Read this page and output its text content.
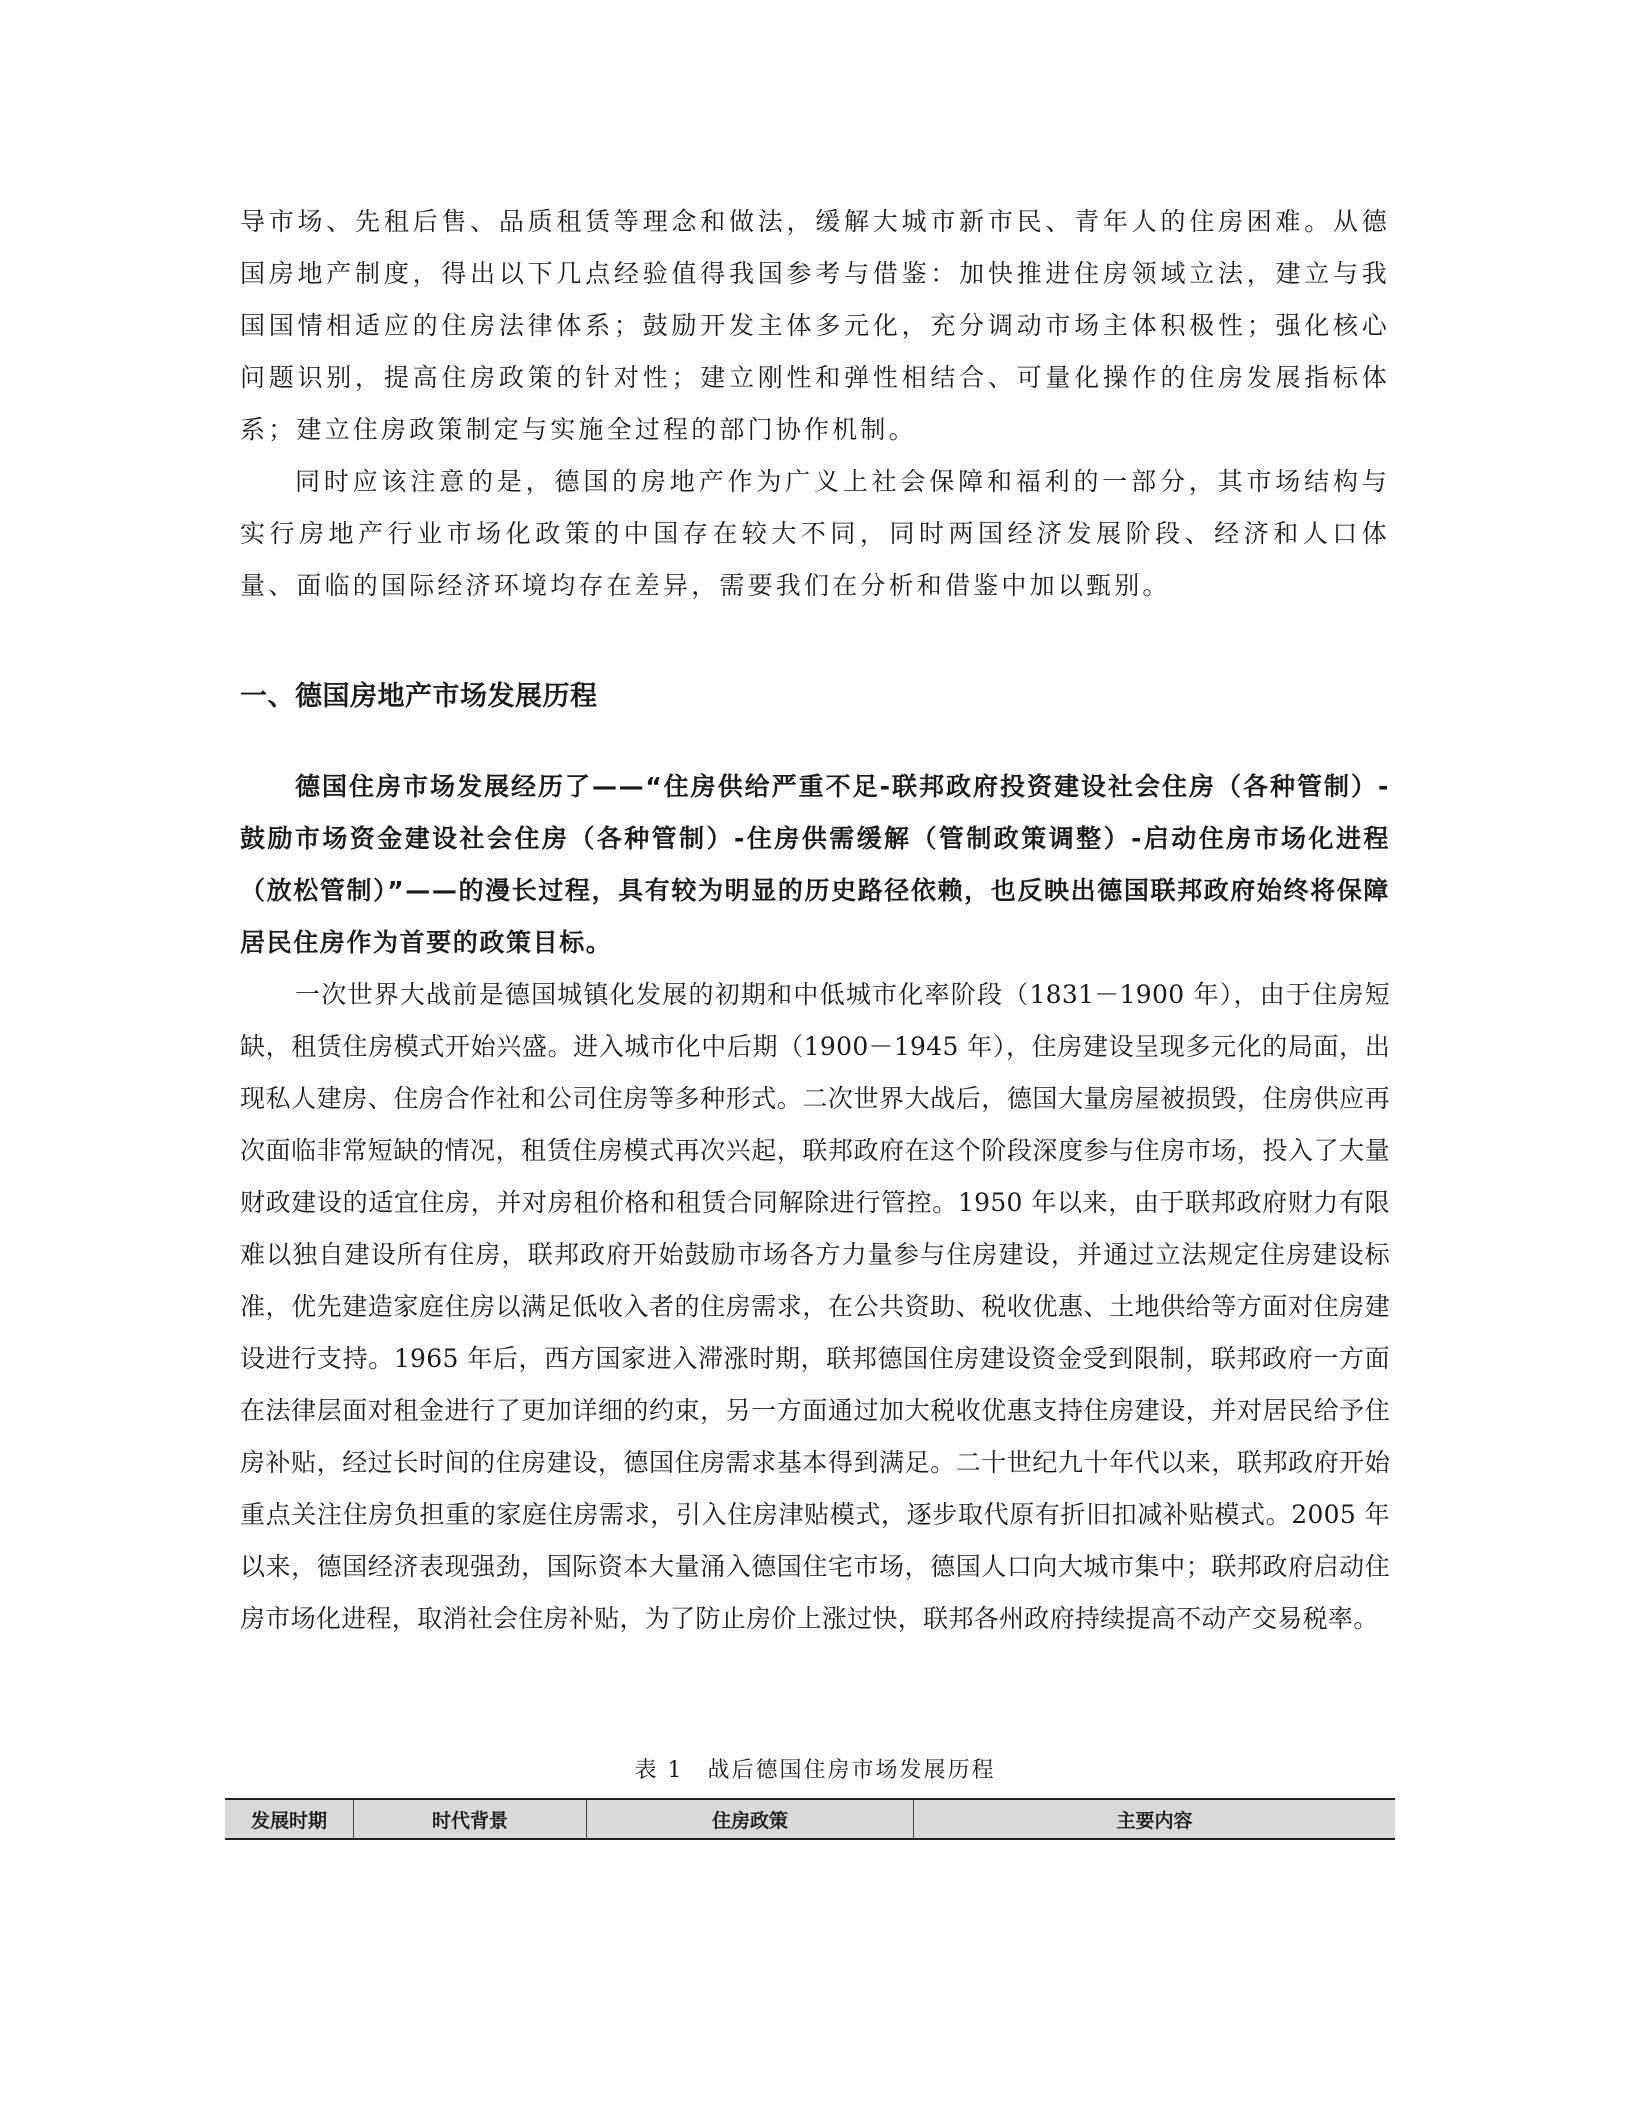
导市场、先租后售、品质租赁等理念和做法，缓解大城市新市民、青年人的住房困难。从德国房地产制度，得出以下几点经验值得我国参考与借鉴：加快推进住房领域立法，建立与我国国情相适应的住房法律体系；鼓励开发主体多元化，充分调动市场主体积极性；强化核心问题识别，提高住房政策的针对性；建立刚性和弹性相结合、可量化操作的住房发展指标体系；建立住房政策制定与实施全过程的部门协作机制。

同时应该注意的是，德国的房地产作为广义上社会保障和福利的一部分，其市场结构与实行房地产行业市场化政策的中国存在较大不同，同时两国经济发展阶段、经济和人口体量、面临的国际经济环境均存在差异，需要我们在分析和借鉴中加以甄别。

一、德国房地产市场发展历程

德国住房市场发展经历了——“住房供给严重不足-联邦政府投资建设社会住房（各种管制）-鼓励市场资金建设社会住房（各种管制）-住房供需缓解（管制政策调整）-启动住房市场化进程（放松管制）”——的漫长过程，具有较为明显的历史路径依赖，也反映出德国联邦政府始终将保障居民住房作为首要的政策目标。

一次世界大战前是德国城镇化发展的初期和中低城市化率阶段（1831－1900 年），由于住房短缺，租赁住房模式开始兴盛。进入城市化中后期（1900－1945 年），住房建设呈现多元化的局面，出现私人建房、住房合作社和公司住房等多种形式。二次世界大战后，德国大量房屋被损毁，住房供应再次面临非常短缺的情况，租赁住房模式再次兴起，联邦政府在这个阶段深度参与住房市场，投入了大量财政建设的适宜住房，并对房租价格和租赁合同解除进行管控。1950 年以来，由于联邦政府财力有限难以独自建设所有住房，联邦政府开始鼓励市场各方力量参与住房建设，并通过立法规定住房建设标准，优先建造家庭住房以满足低收入者的住房需求，在公共资助、税收优惠、土地供给等方面对住房建设进行支持。1965 年后，西方国家进入滞涨时期，联邦德国住房建设资金受到限制，联邦政府一方面在法律层面对租金进行了更加详细的约束，另一方面通过加大税收优惠支持住房建设，并对居民给予住房补贴，经过长时间的住房建设，德国住房需求基本得到满足。二十世纪九十年代以来，联邦政府开始重点关注住房负担重的家庭住房需求，引入住房津贴模式，逐步取代原有折旧扣减补贴模式。2005 年以来，德国经济表现强劲，国际资本大量涌入德国住宅市场，德国人口向大城市集中；联邦政府启动住房市场化进程，取消社会住房补贴，为了防止房价上涨过快，联邦各州政府持续提高不动产交易税率。

表 1　战后德国住房市场发展历程
发展时期	时代背景	住房政策	主要内容
